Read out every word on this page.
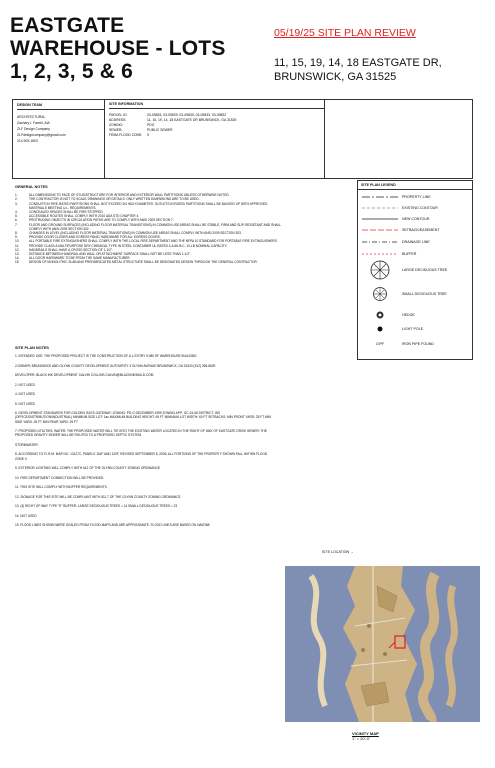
EASTGATE
WAREHOUSE - LOTS
1, 2, 3, 5 & 6
05/19/25 SITE PLAN REVIEW
11, 15, 19, 14, 18 EASTGATE DR,
BRUNSWICK, GA 31525
DESIGN TEAM
ARCHITECTURAL
Zachary I. Farrell, AIA
ZLF Design Company
ZLFdesigncompany@gmail.com
214.903.1803
SITE INFORMATION
PARCEL ID:	03-09826, 03-09829, 03-09830, 03-09833, 03-09832
ADDRESS:	11, 15, 19, 14, 18 EASTGATE DR BRUNSWICK, GA 31525
ZONING:	PDG
SEWER:	PUBLIC SEWER
FEMA FLOOD ZONE:	X
GENERAL NOTES
1.	ALL DIMENSIONS TO FACE OF STUD/STRUCTURE FOR INTERIOR AND EXTERIOR WALL PARTITIONS UNLESS OTHERWISE NOTED.
2.	THE CONTRACTOR IS NOT TO SCALE DRAWINGS OR DETAILS. ONLY WRITTEN DIMENSIONS ARE TO BE USED.
3.	CONDUITS IN FIRE-RATED PARTITIONS SHALL NOT EXCEED 3/4 INCH DIAMETER. OUTLETS IN RATED PARTITIONS SHALL BE BACKED UP WITH APPROVED MATERIALS MEETING U.L. REQUIREMENTS.
4.	CONCEALED SPACES SHALL BE FIRE STOPPED.
5.	ACCESSIBLE ROUTES SHALL COMPLY WITH 2010 ADA STD CHAPTER 4.
6.	PROTRUDING OBJECTS IN CIRCULATION PATHS ARE TO COMPLY WITH ANSI 2009 SECTION 7.
7.	FLOOR AND GROUND SURFACES (INCLUDING FLOOR MATERIAL TRANSITIONS) IN COMMON USE AREAS SHALL BE STABLE, FIRM AND SLIP-RESISTANT AND SHALL COMPLY WITH ANSI 2009 SECTION 302.
8.	CHANGES IN LEVEL (INCLUDING FLOOR MATERIAL TRANSITIONS) IN COMMON USE AREAS SHALL COMPLY WITH ANSI 2009 SECTION 303.
9.	PROVIDE DOOR CLOSER AND EGRESS PANIC HARDWARE FOR ALL EGRESS DOORS.
10.	ALL PORTABLE FIRE EXTINGUISHERS SHALL COMPLY WITH THE LOCAL FIRE DEPARTMENT AND THE NFPA 10 STANDARD FOR PORTABLE FIRE EXTINGUISHERS.
11.	PROVIDE CLASS A MULTIPURPOSE DRY-CHEMICAL TYPE IN STEEL CONTAINER UL-RATED 4-A:60-B:C, 10-LB NOMINAL CAPACITY.
12.	HANDRAILS SHALL HAVE A CROSS SECTION OF 1-1/2".
13.	DISTANCE BETWEEN HANDRAIL AND WALL OR ATTACHMENT SURFACE SHALL NOT BE LESS THAN 1-1/2".
14.	ALL DOOR HARDWARE TO BE FROM THE SAME MANUFACTURER.
15.	DESIGN OF MONOLITHIC SLAB AND PREFABRICATED METAL STRUCTURE SHALL BE DESIGNATED DESIGN THROUGH THE GENERAL CONTRACTOR.
SITE PLAN NOTES
1. INTENDED USE: THE PROPOSED PROJECT IS THE CONSTRUCTION OF A 1-STORY 9,080 SF WAREHOUSE BUILDING
2.OWNER: BRUNSWICK AND GLYNN COUNTY DEVELOPMENT AUTHORITY 4 GLYNN AVENUE BRUNSWICK, GA 31520 (912) 265-6629
DEVELOPER: BLACK INK DEVELOPMENT CALVIN COLLINS CALVIN@BLACKINKBUILD.COM
2. NOT USED
4. NOT USED
5. NOT USED
6. DEVELOPMENT STANDARDS FOR GOLDEN ISLES GATEWAY: ZONING: PD-G DECEMBER 1999 ZONING APP: GC-24-06 DISTRICT: GEI (OFFICE/DISTRIBUTION/INDUSTRIAL) MINIMUM SIZE LOT: 1ac MAXIMUM BUILDING HEIGHT: 45 FT MINIMUM LOT WIDTH: 60 FT SETBACKS: MIN FRONT YARD: 25 FT MIN SIDE YARD: 25 FT MIN REAR YARD: 25 FT
7. PROPOSED UTILITIES: WATER: THE PROPOSED WATER WILL TIE INTO THE EXISTING WATER LOCATED IN THE RIGHT OF WAY OF EASTGATE DRIVE SEWER: THE PROPOSED GRAVITY SEWER WILL BE ROUTED TO A PROPOSED SEPTIC SYSTEM
STORMWATER:
8. ACCORDING TO F.I.R.M. MAP NO. 13127C, PANELS 116F AND 120F, REVISED SEPTEMBER 6, 2006, ALL PORTIONS OF THE PROPERTY SHOWN FALL WITHIN FLOOD ZONE X
9. EXTERIOR LIGHTING WILL COMPLY WITH 612 OF THE GLYNN COUNTY ZONING ORDINANCE
10. FIRE DEPARTMENT CONNECTION WILL BE PROVIDED.
11. THIS SITE WILL COMPLY WITH BUFFER REQUIREMENTS.
12. SIGNAGE FOR THIS SITE WILL BE COMPLIANT WITH 811.7 OF THE GLYNN COUNTY ZONING ORDINANCE.
13. (3) RIGHT OF WAY TYPE "E" BUFFER: LARGE DECIDUOUS TREES = 14 SMALL DECIDUOUS TREES = 23
14. NOT USED
15. FLOOD LINES SHOWN WERE SCALED FROM FLOOD MAPS AND ARE APPROXIMATE. FLOOD LINES ARE BASED ON NAVD88
SITE PLAN LEGEND
PROPERTY LINE
EXISTING CONTOUR
NEW CONTOUR
SETBACK/EASEMENT
DRAINAGE LINE
BUFFER
LARGE DECIDUOUS TREE
SMALL DECIDUOUS TREE
HEDGE
LIGHT POLE
CIPF	IRON PIPE FOUND
SITE LOCATION →
VICINITY MAP
1" = 20'-0"
